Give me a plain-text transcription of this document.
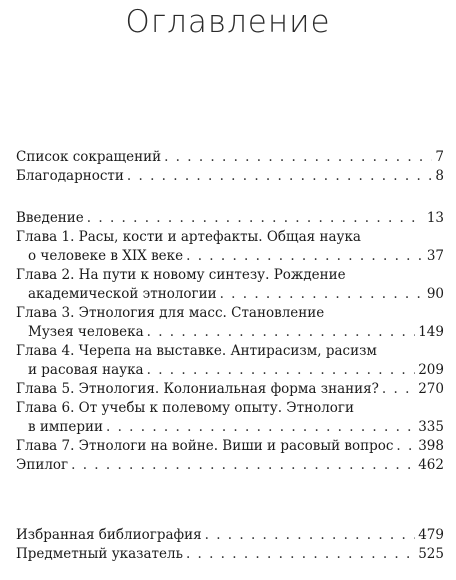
Оглавление
Список сокращений . . .	7
Благодарности . . .	8
Введение . . .	13
Глава 1. Расы, кости и артефакты. Общая наука
о человеке в XIX веке . . .	37
Глава 2. На пути к новому синтезу. Рождение
академической этнологии . . .	90
Глава 3. Этнология для масс. Становление
Музея человека . . .	149
Глава 4. Черепа на выставке. Антирасизм, расизм
и расовая наука . . .	209
Глава 5. Этнология. Колониальная форма знания? . . .	270
Глава 6. От учебы к полевому опыту. Этнологи
в империи . . .	335
Глава 7. Этнологи на войне. Виши и расовый вопрос . . . 398
Эпилог . . .	462
Избранная библиография . . .	479
Предметный указатель . . .	525
